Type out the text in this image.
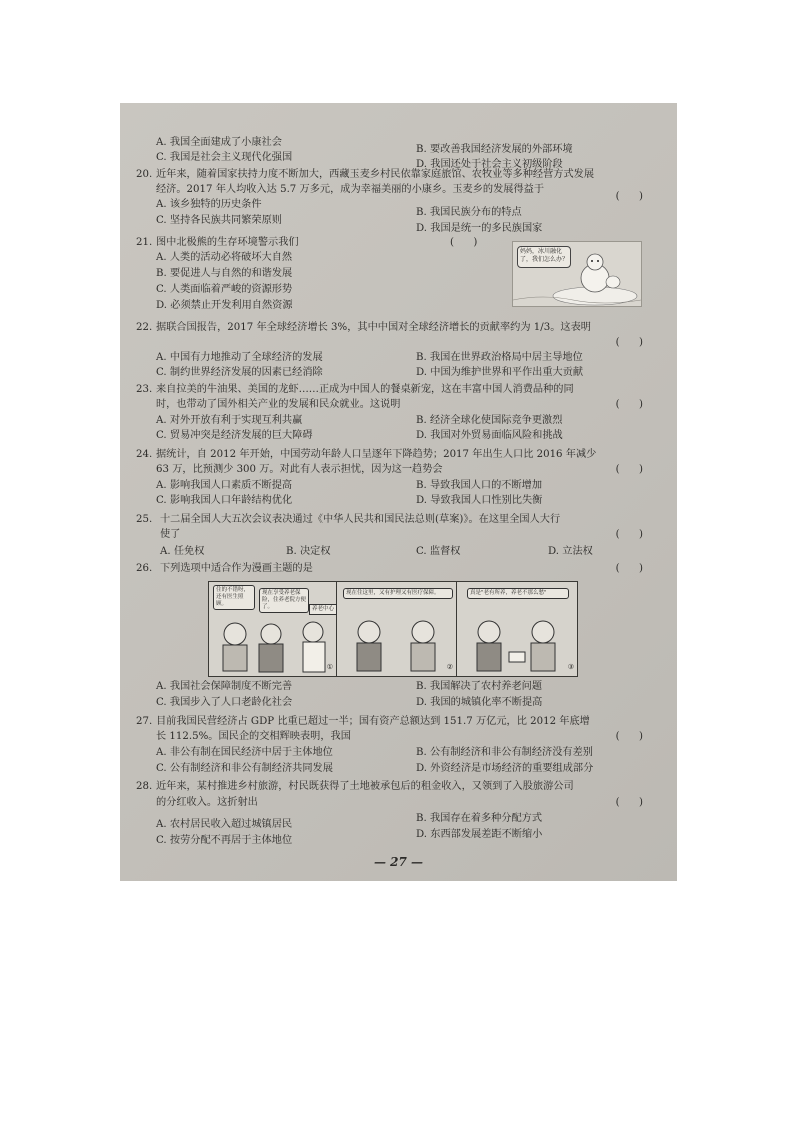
A. 我国全面建成了小康社会
B. 要改善我国经济发展的外部环境
C. 我国是社会主义现代化强国
D. 我国还处于社会主义初级阶段
20. 近年来，随着国家扶持力度不断加大，西藏玉麦乡村民依靠家庭旅馆、农牧业等多种经营方式发展
经济。2017 年人均收入达 5.7 万多元，成为幸福美丽的小康乡。玉麦乡的发展得益于
(      )
A. 该乡独特的历史条件
B. 我国民族分布的特点
C. 坚持各民族共同繁荣原则
D. 我国是统一的多民族国家
21. 图中北极熊的生存环境警示我们	(      )
A. 人类的活动必将破坏大自然
B. 要促进人与自然的和谐发展
C. 人类面临着严峻的资源形势
D. 必须禁止开发利用自然资源
妈妈，冰川融化了，我们怎么办？
22. 据联合国报告，2017 年全球经济增长 3%，其中中国对全球经济增长的贡献率约为 1/3。这表明
(      )
A. 中国有力地推动了全球经济的发展	B. 我国在世界政治格局中居主导地位
C. 制约世界经济发展的因素已经消除	D. 中国为维护世界和平作出重大贡献
23. 来自拉美的牛油果、美国的龙虾……正成为中国人的餐桌新宠，这在丰富中国人消费品种的同
时，也带动了国外相关产业的发展和民众就业。这说明	(      )
A. 对外开放有利于实现互利共赢	B. 经济全球化使国际竞争更激烈
C. 贸易冲突是经济发展的巨大障碍	D. 我国对外贸易面临风险和挑战
24. 据统计，自 2012 年开始，中国劳动年龄人口呈逐年下降趋势；2017 年出生人口比 2016 年减少
63 万，比预测少 300 万。对此有人表示担忧，因为这一趋势会	(      )
A. 影响我国人口素质不断提高	B. 导致我国人口的不断增加
C. 影响我国人口年龄结构优化	D. 导致我国人口性别比失衡
25. 十二届全国人大五次会议表决通过《中华人民共和国民法总则(草案)》。在这里全国人大行
使了	(      )
A. 任免权	B. 决定权	C. 监督权	D. 立法权
26. 下列选项中适合作为漫画主题的是	(      )
住的不错呀，还有医生照顾。
现在享受养老保险，住养老院方便了。	养老中心
①
现在住这里，又有护理又有医疗保障。
②
真是"老有所养，养老不那么愁"
③
A. 我国社会保障制度不断完善	B. 我国解决了农村养老问题
C. 我国步入了人口老龄化社会	D. 我国的城镇化率不断提高
27. 目前我国民营经济占 GDP 比重已超过一半；国有资产总额达到 151.7 万亿元，比 2012 年底增
长 112.5%。国民企的交相辉映表明，我国	(      )
A. 非公有制在国民经济中居于主体地位	B. 公有制经济和非公有制经济没有差别
C. 公有制经济和非公有制经济共同发展	D. 外资经济是市场经济的重要组成部分
28. 近年来，某村推进乡村旅游，村民既获得了土地被承包后的租金收入，又领到了入股旅游公司
的分红收入。这折射出	(      )
A. 农村居民收入超过城镇居民
B. 我国存在着多种分配方式
C. 按劳分配不再居于主体地位
D. 东西部发展差距不断缩小
— 27 —
